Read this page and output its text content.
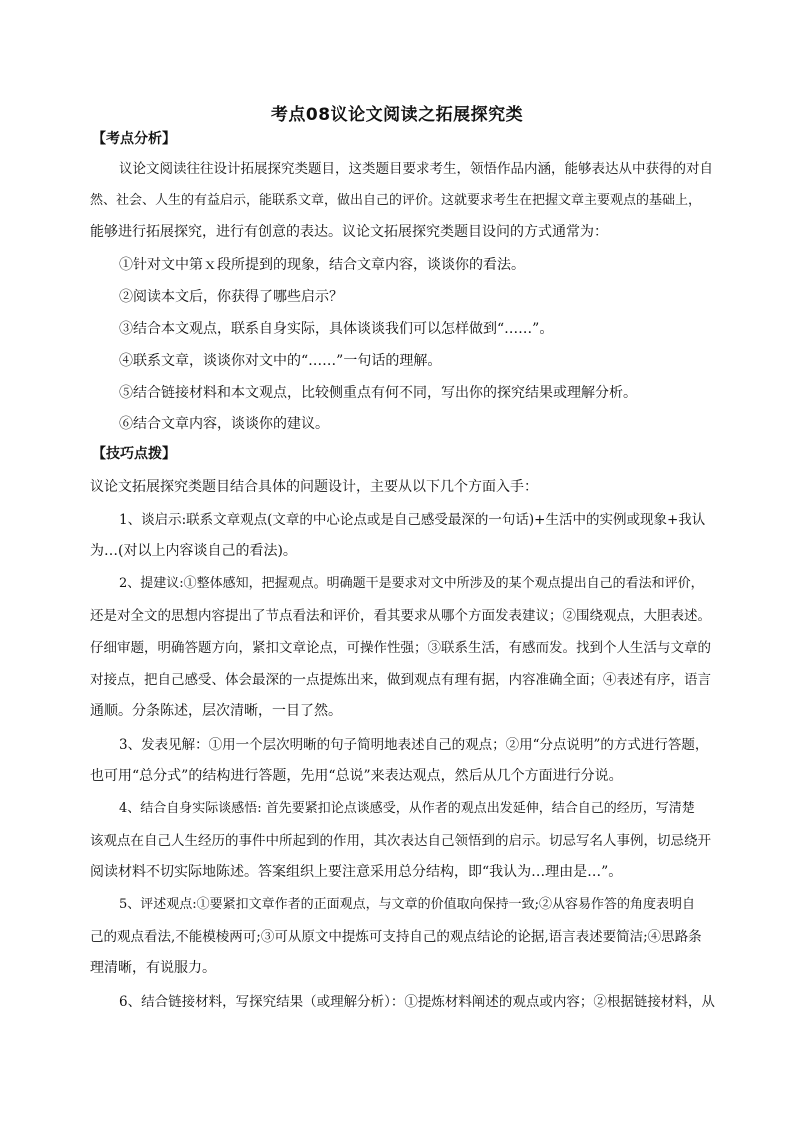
考点08议论文阅读之拓展探究类
【考点分析】
议论文阅读往往设计拓展探究类题目，这类题目要求考生，领悟作品内涵，能够表达从中获得的对自
然、社会、人生的有益启示，能联系文章，做出自己的评价。这就要求考生在把握文章主要观点的基础上，
能够进行拓展探究，进行有创意的表达。议论文拓展探究类题目设问的方式通常为：
①针对文中第ｘ段所提到的现象，结合文章内容，谈谈你的看法。
②阅读本文后，你获得了哪些启示？
③结合本文观点，联系自身实际，具体谈谈我们可以怎样做到“……”。
④联系文章，谈谈你对文中的“……”一句话的理解。
⑤结合链接材料和本文观点，比较侧重点有何不同，写出你的探究结果或理解分析。
⑥结合文章内容，谈谈你的建议。
【技巧点拨】
议论文拓展探究类题目结合具体的问题设计，主要从以下几个方面入手：
1、谈启示:联系文章观点(文章的中心论点或是自己感受最深的一句话)+生活中的实例或现象+我认
为…(对以上内容谈自己的看法)。
2、提建议:①整体感知，把握观点。明确题干是要求对文中所涉及的某个观点提出自己的看法和评价，
还是对全文的思想内容提出了节点看法和评价，看其要求从哪个方面发表建议；②围绕观点，大胆表述。
仔细审题，明确答题方向，紧扣文章论点，可操作性强；③联系生活，有感而发。找到个人生活与文章的
对接点，把自己感受、体会最深的一点提炼出来，做到观点有理有据，内容准确全面；④表述有序，语言
通顺。分条陈述，层次清晰，一目了然。
3、发表见解：①用一个层次明晰的句子简明地表述自己的观点；②用“分点说明”的方式进行答题，
也可用“总分式”的结构进行答题，先用“总说”来表达观点，然后从几个方面进行分说。
4、结合自身实际谈感悟: 首先要紧扣论点谈感受，从作者的观点出发延伸，结合自己的经历，写清楚
该观点在自己人生经历的事件中所起到的作用，其次表达自己领悟到的启示。切忌写名人事例，切忌绕开
阅读材料不切实际地陈述。答案组织上要注意采用总分结构，即“我认为…理由是…”。
5、评述观点:①要紧扣文章作者的正面观点，与文章的价值取向保持一致;②从容易作答的角度表明自
己的观点看法,不能模棱两可;③可从原文中提炼可支持自己的观点结论的论据,语言表述要简洁;④思路条
理清晰，有说服力。
6、结合链接材料，写探究结果（或理解分析）：①提炼材料阐述的观点或内容；②根据链接材料，从
